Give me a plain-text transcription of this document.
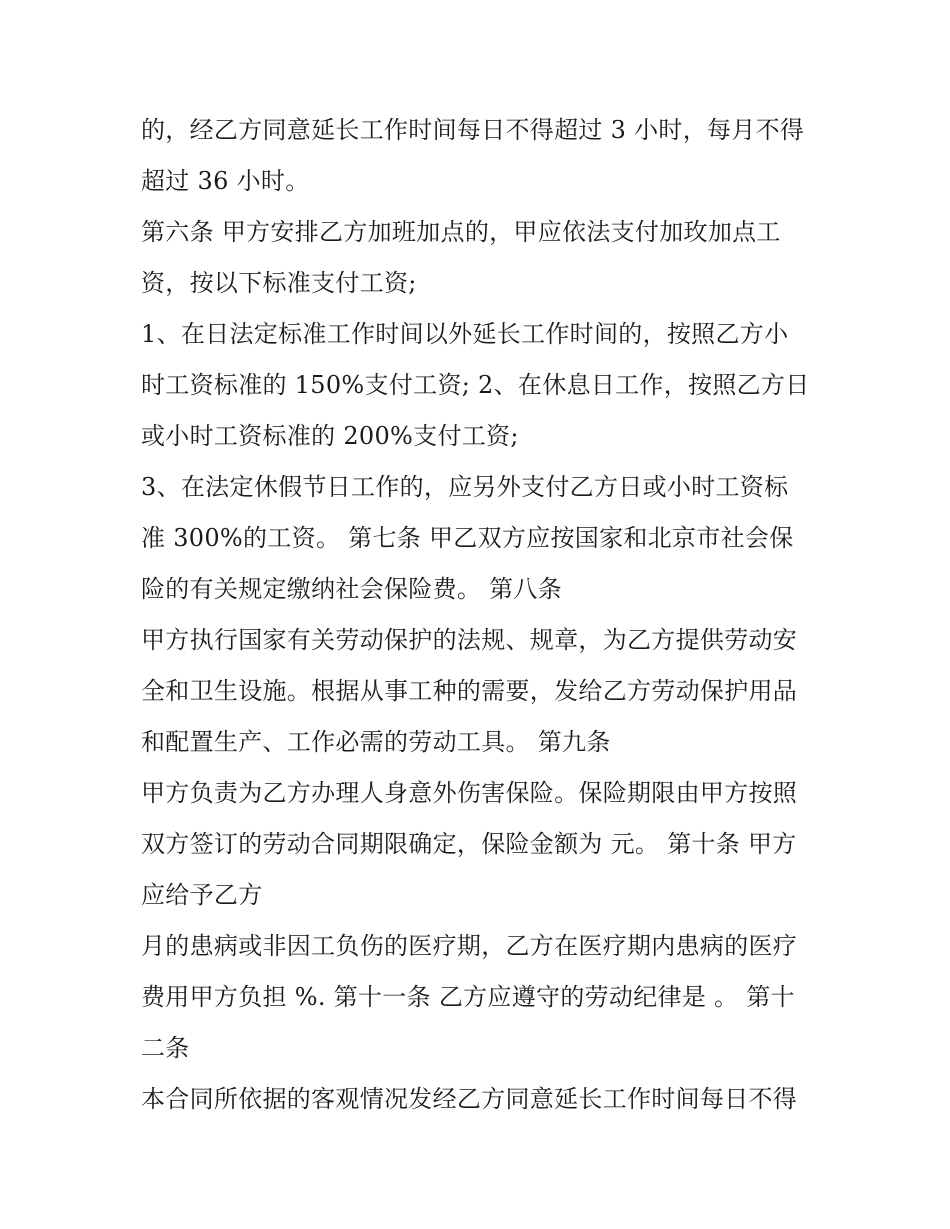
的，经乙方同意延长工作时间每日不得超过 3 小时，每月不得
超过 36 小时。
第六条 甲方安排乙方加班加点的，甲应依法支付加玫加点工
资，按以下标准支付工资;
1、在日法定标准工作时间以外延长工作时间的，按照乙方小
时工资标准的 150%支付工资; 2、在休息日工作，按照乙方日
或小时工资标准的 200%支付工资;
3、在法定休假节日工作的，应另外支付乙方日或小时工资标
准 300%的工资。 第七条 甲乙双方应按国家和北京市社会保
险的有关规定缴纳社会保险费。 第八条
甲方执行国家有关劳动保护的法规、规章，为乙方提供劳动安
全和卫生设施。根据从事工种的需要，发给乙方劳动保护用品
和配置生产、工作必需的劳动工具。 第九条
甲方负责为乙方办理人身意外伤害保险。保险期限由甲方按照
双方签订的劳动合同期限确定，保险金额为 元。 第十条 甲方
应给予乙方
月的患病或非因工负伤的医疗期，乙方在医疗期内患病的医疗
费用甲方负担 %. 第十一条 乙方应遵守的劳动纪律是 。 第十
二条
本合同所依据的客观情况发经乙方同意延长工作时间每日不得
